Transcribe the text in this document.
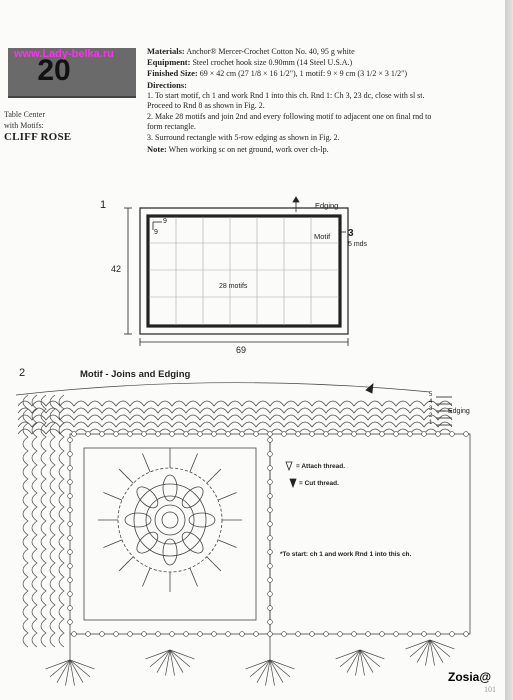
20
www.Lady-belka.ru
Table Center
with Motifs:
CLIFF ROSE

Materials: Anchor® Mercer-Crochet Cotton No. 40, 95 g white

Equipment: Steel crochet hook size 0.90mm (14 Steel U.S.A.)

Finished Size: 69 × 42 cm (27 1/8 × 16 1/2"), 1 motif: 9 × 9 cm (3 1/2 × 3 1/2")

Directions:

1. To start motif, ch 1 and work Rnd 1 into this ch. Rnd 1: Ch 3, 23 dc, close with sl st. Proceed to Rnd 8 as shown in Fig. 2.

2. Make 28 motifs and join 2nd and every following motif to adjacent one on final rnd to form rectangle.

3. Surround rectangle with 5-row edging as shown in Fig. 2.

Note: When working sc on net ground, work over ch-lp.

1	Edging
Motif
9
9	3
5 mds
42
69
28 motifs
2	Motif - Joins and Edging
Edging
5
4
3
2
1
= Attach thread.
= Cut thread.
*To start: ch 1 and work Rnd 1 into this ch.
Zosia@
101
